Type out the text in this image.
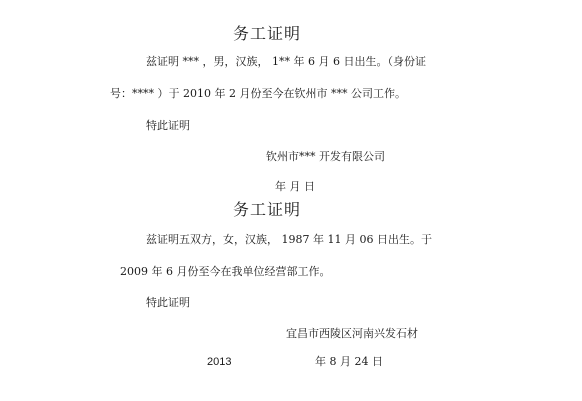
务工证明
兹证明 *** ，男，汉族， 1** 年 6 月 6 日出生。（身份证
号：**** ）于 2010 年 2 月份至今在钦州市 *** 公司工作。
特此证明
钦州市*** 开发有限公司
年 月 日
务工证明
兹证明五双方，女，汉族， 1987 年 11 月 06 日出生。于
2009 年 6 月份至今在我单位经营部工作。
特此证明
宜昌市西陵区河南兴发石材
2013	年 8 月 24 日
